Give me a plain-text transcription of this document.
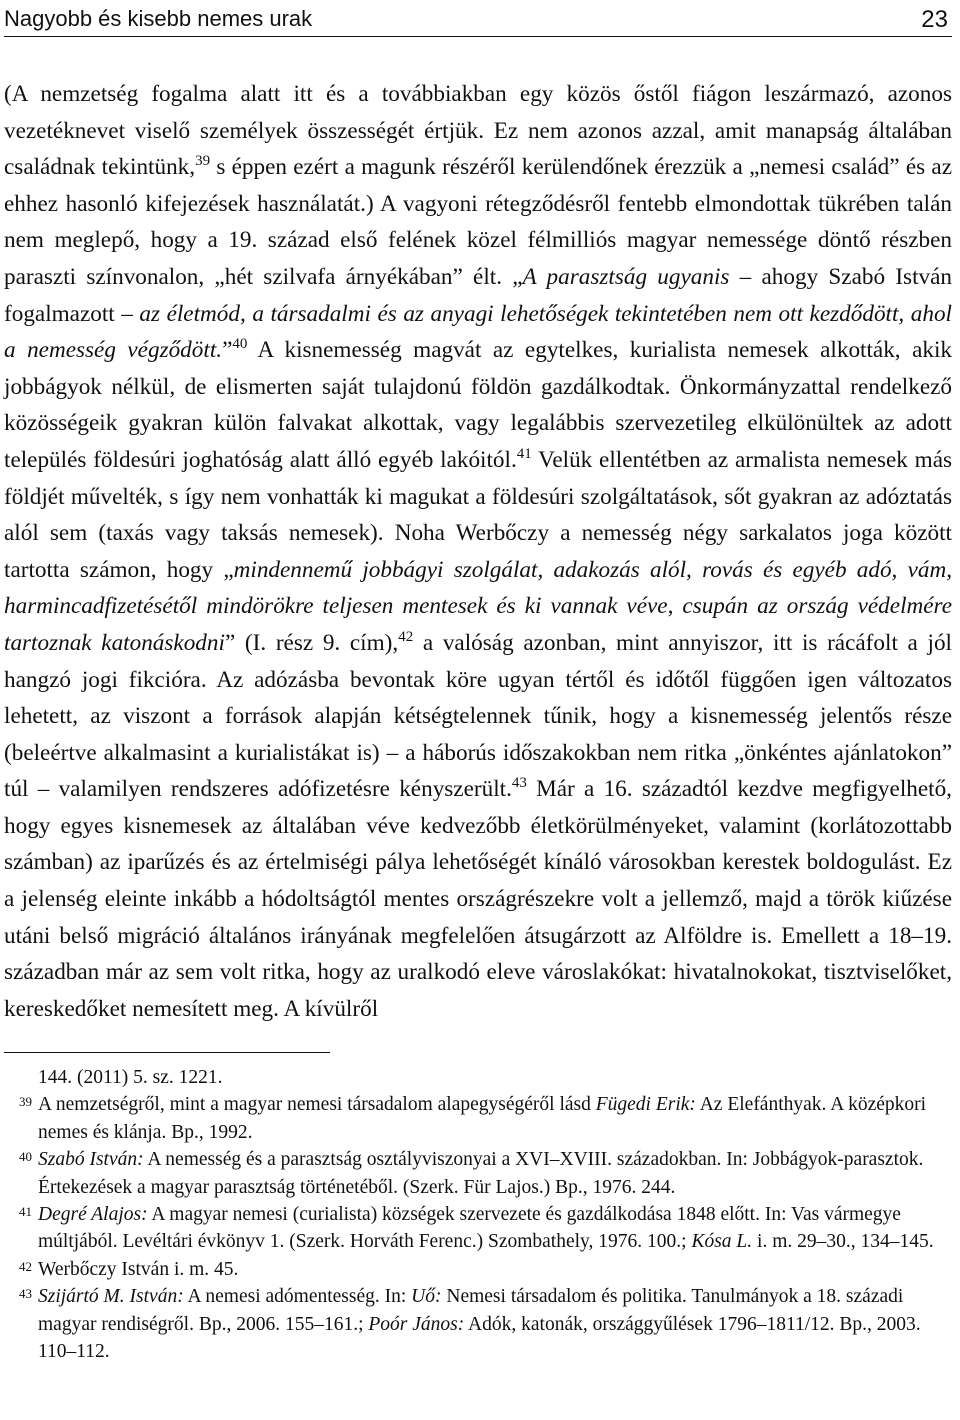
Nagyobb és kisebb nemes urak	23

(A nemzetség fogalma alatt itt és a továbbiakban egy közös őstől fiágon leszármazó, azonos vezetéknevet viselő személyek összességét értjük. Ez nem azonos azzal, amit manapság általában családnak tekintünk,$^{39}$ s éppen ezért a magunk részéről kerülendőnek érezzük a „nemesi család” és az ehhez hasonló kifejezések használatát.) A vagyoni rétegződésről fentebb elmondottak tükrében talán nem meglepő, hogy a 19. század első felének közel félmilliós magyar nemessége döntő részben paraszti színvonalon, „hét szilvafa árnyékában” élt. „A parasztság ugyanis – ahogy Szabó István fogalmazott – az életmód, a társadalmi és az anyagi lehetőségek tekintetében nem ott kezdődött, ahol a nemesség végződött.”$^{40}$ A kisnemesség magvát az egytelkes, kurialista nemesek alkották, akik jobbágyok nélkül, de elismerten saját tulajdonú földön gazdálkodtak. Önkormányzattal rendelkező közösségeik gyakran külön falvakat alkottak, vagy legalábbis szervezetileg elkülönültek az adott település földesúri joghatóság alatt álló egyéb lakóitól.$^{41}$ Velük ellentétben az armalista nemesek más földjét művelték, s így nem vonhatták ki magukat a földesúri szolgáltatások, sőt gyakran az adóztatás alól sem (taxás vagy taksás nemesek). Noha Werbőczy a nemesség négy sarkalatos joga között tartotta számon, hogy „mindennemű jobbágyi szolgálat, adakozás alól, rovás és egyéb adó, vám, harmincadfizetésétől mindörökre teljesen mentesek és ki vannak véve, csupán az ország védelmére tartoznak katonáskodni” (I. rész 9. cím),$^{42}$ a valóság azonban, mint annyiszor, itt is rácáfolt a jól hangzó jogi fikcióra. Az adózásba bevontak köre ugyan tértől és időtől függően igen változatos lehetett, az viszont a források alapján kétségtelennek tűnik, hogy a kisnemesség jelentős része (beleértve alkalmasint a kurialistákat is) – a háborús időszakokban nem ritka „önkéntes ajánlatokon” túl – valamilyen rendszeres adófizetésre kényszerült.$^{43}$ Már a 16. századtól kezdve megfigyelhető, hogy egyes kisnemesek az általában véve kedvezőbb életkörülményeket, valamint (korlátozottabb számban) az iparűzés és az értelmiségi pálya lehetőségét kínáló városokban kerestek boldogulást. Ez a jelenség eleinte inkább a hódoltságtól mentes országrészekre volt a jellemző, majd a török kiűzése utáni belső migráció általános irányának megfelelően átsugárzott az Alföldre is. Emellett a 18–19. században már az sem volt ritka, hogy az uralkodó eleve városlakókat: hivatalnokokat, tisztviselőket, kereskedőket nemesített meg. A kívülről

144. (2011) 5. sz. 1221.

39 A nemzetségről, mint a magyar nemesi társadalom alapegységéről lásd Fügedi Erik: Az Elefánthyak. A középkori nemes és klánja. Bp., 1992.

40 Szabó István: A nemesség és a parasztság osztályviszonyai a XVI–XVIII. századokban. In: Jobbágyok-parasztok. Értekezések a magyar parasztság történetéből. (Szerk. Für Lajos.) Bp., 1976. 244.

41 Degré Alajos: A magyar nemesi (curialista) községek szervezete és gazdálkodása 1848 előtt. In: Vas vármegye múltjából. Levéltári évkönyv 1. (Szerk. Horváth Ferenc.) Szombathely, 1976. 100.; Kósa L. i. m. 29–30., 134–145.

42 Werbőczy István i. m. 45.

43 Szijártó M. István: A nemesi adómentesség. In: Uő: Nemesi társadalom és politika. Tanulmányok a 18. századi magyar rendiségről. Bp., 2006. 155–161.; Poór János: Adók, katonák, országgyűlések 1796–1811/12. Bp., 2003. 110–112.
